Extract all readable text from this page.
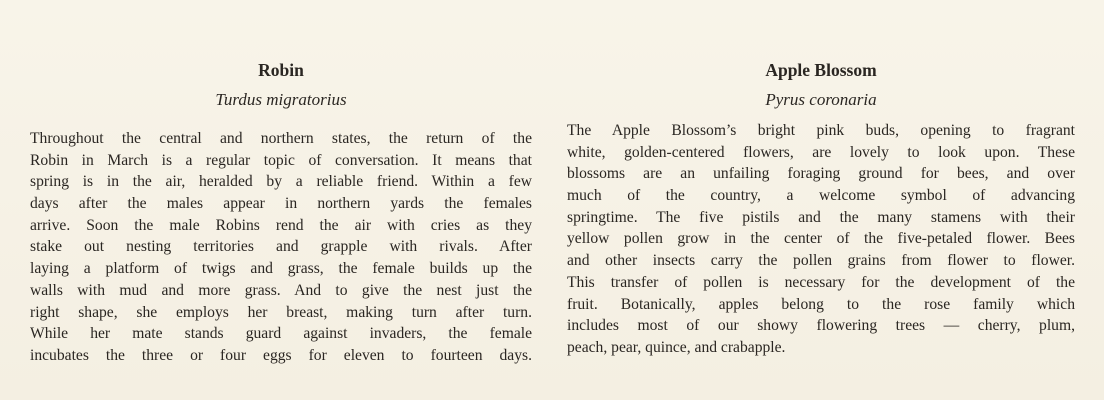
Robin
Turdus migratorius

Throughout the central and northern states, the return of the
Robin in March is a regular topic of conversation. It means that
spring is in the air, heralded by a reliable friend. Within a few
days after the males appear in northern yards the females
arrive. Soon the male Robins rend the air with cries as they
stake out nesting territories and grapple with rivals. After
laying a platform of twigs and grass, the female builds up the
walls with mud and more grass. And to give the nest just the
right shape, she employs her breast, making turn after turn.
While her mate stands guard against invaders, the female
incubates the three or four eggs for eleven to fourteen days.

Apple Blossom
Pyrus coronaria

The Apple Blossom’s bright pink buds, opening to fragrant
white, golden-centered flowers, are lovely to look upon. These
blossoms are an unfailing foraging ground for bees, and over
much of the country, a welcome symbol of advancing
springtime. The five pistils and the many stamens with their
yellow pollen grow in the center of the five-petaled flower. Bees
and other insects carry the pollen grains from flower to flower.
This transfer of pollen is necessary for the development of the
fruit. Botanically, apples belong to the rose family which
includes most of our showy flowering trees — cherry, plum,
peach, pear, quince, and crabapple.
